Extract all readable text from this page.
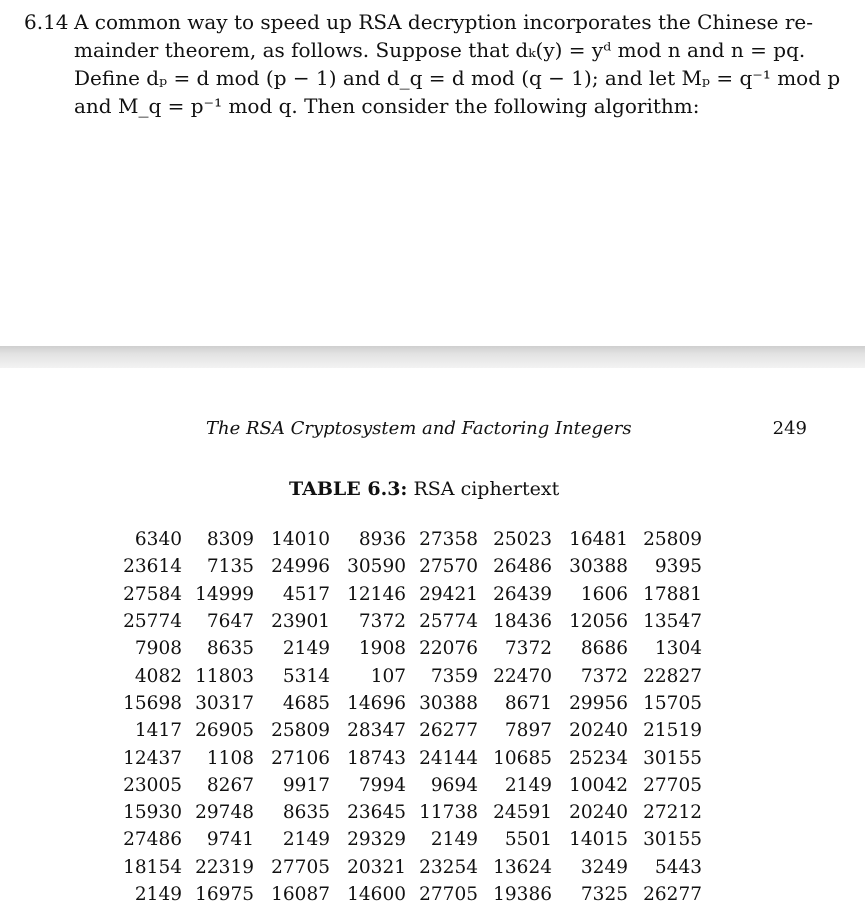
6.14 A common way to speed up RSA decryption incorporates the Chinese re-
mainder theorem, as follows. Suppose that dₖ(y) = yᵈ mod n and n = pq.
Define dₚ = d mod (p − 1) and d_q = d mod (q − 1); and let Mₚ = q⁻¹ mod p
and M_q = p⁻¹ mod q. Then consider the following algorithm:
The RSA Cryptosystem and Factoring Integers	249
TABLE 6.3: RSA ciphertext
6340	8309	14010	8936	27358	25023	16481	25809
23614	7135	24996	30590	27570	26486	30388	9395
27584	14999	4517	12146	29421	26439	1606	17881
25774	7647	23901	7372	25774	18436	12056	13547
7908	8635	2149	1908	22076	7372	8686	1304
4082	11803	5314	107	7359	22470	7372	22827
15698	30317	4685	14696	30388	8671	29956	15705
1417	26905	25809	28347	26277	7897	20240	21519
12437	1108	27106	18743	24144	10685	25234	30155
23005	8267	9917	7994	9694	2149	10042	27705
15930	29748	8635	23645	11738	24591	20240	27212
27486	9741	2149	29329	2149	5501	14015	30155
18154	22319	27705	20321	23254	13624	3249	5443
2149	16975	16087	14600	27705	19386	7325	26277
